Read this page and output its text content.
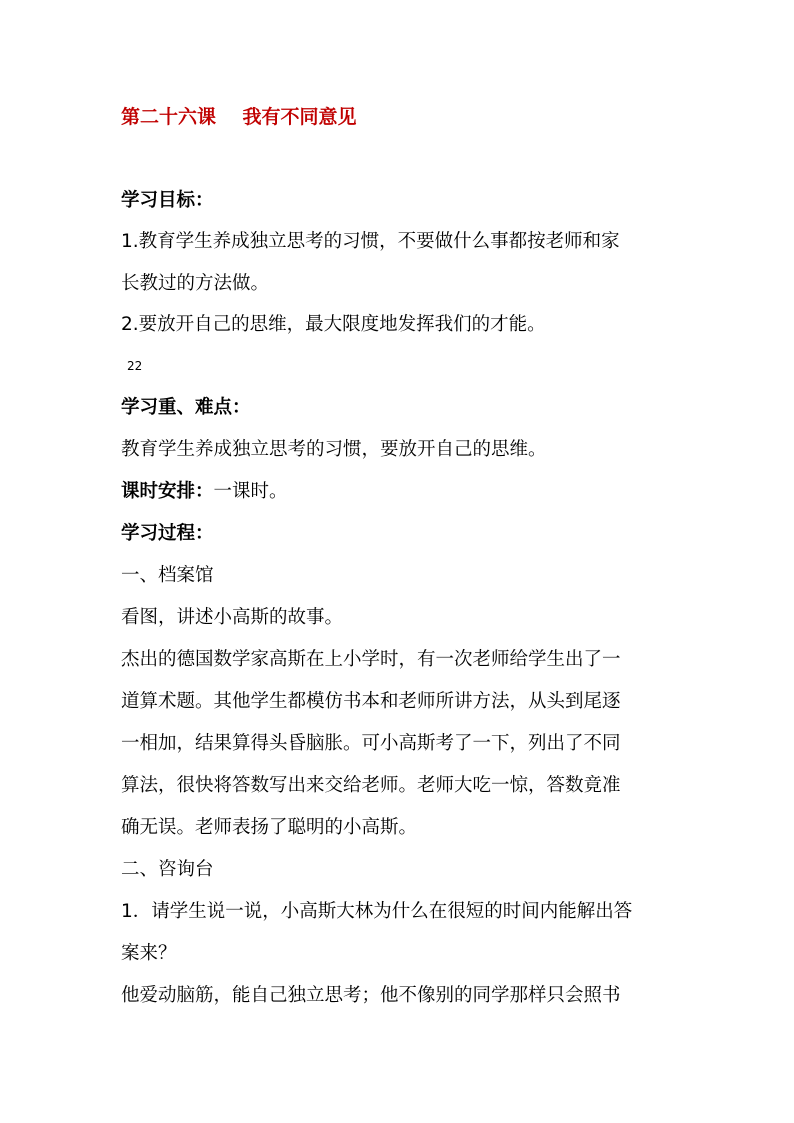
第二十六课    我有不同意见
学习目标：
1.教育学生养成独立思考的习惯，不要做什么事都按老师和家
长教过的方法做。
2.要放开自己的思维，最大限度地发挥我们的才能。
22
学习重、难点：
教育学生养成独立思考的习惯，要放开自己的思维。
课时安排：一课时。
学习过程：
一、档案馆
看图，讲述小高斯的故事。
杰出的德国数学家高斯在上小学时，有一次老师给学生出了一
道算术题。其他学生都模仿书本和老师所讲方法，从头到尾逐
一相加，结果算得头昏脑胀。可小高斯考了一下，列出了不同
算法，很快将答数写出来交给老师。老师大吃一惊，答数竟准
确无误。老师表扬了聪明的小高斯。
二、咨询台
1．请学生说一说，小高斯大林为什么在很短的时间内能解出答
案来？
他爱动脑筋，能自己独立思考；他不像别的同学那样只会照书
